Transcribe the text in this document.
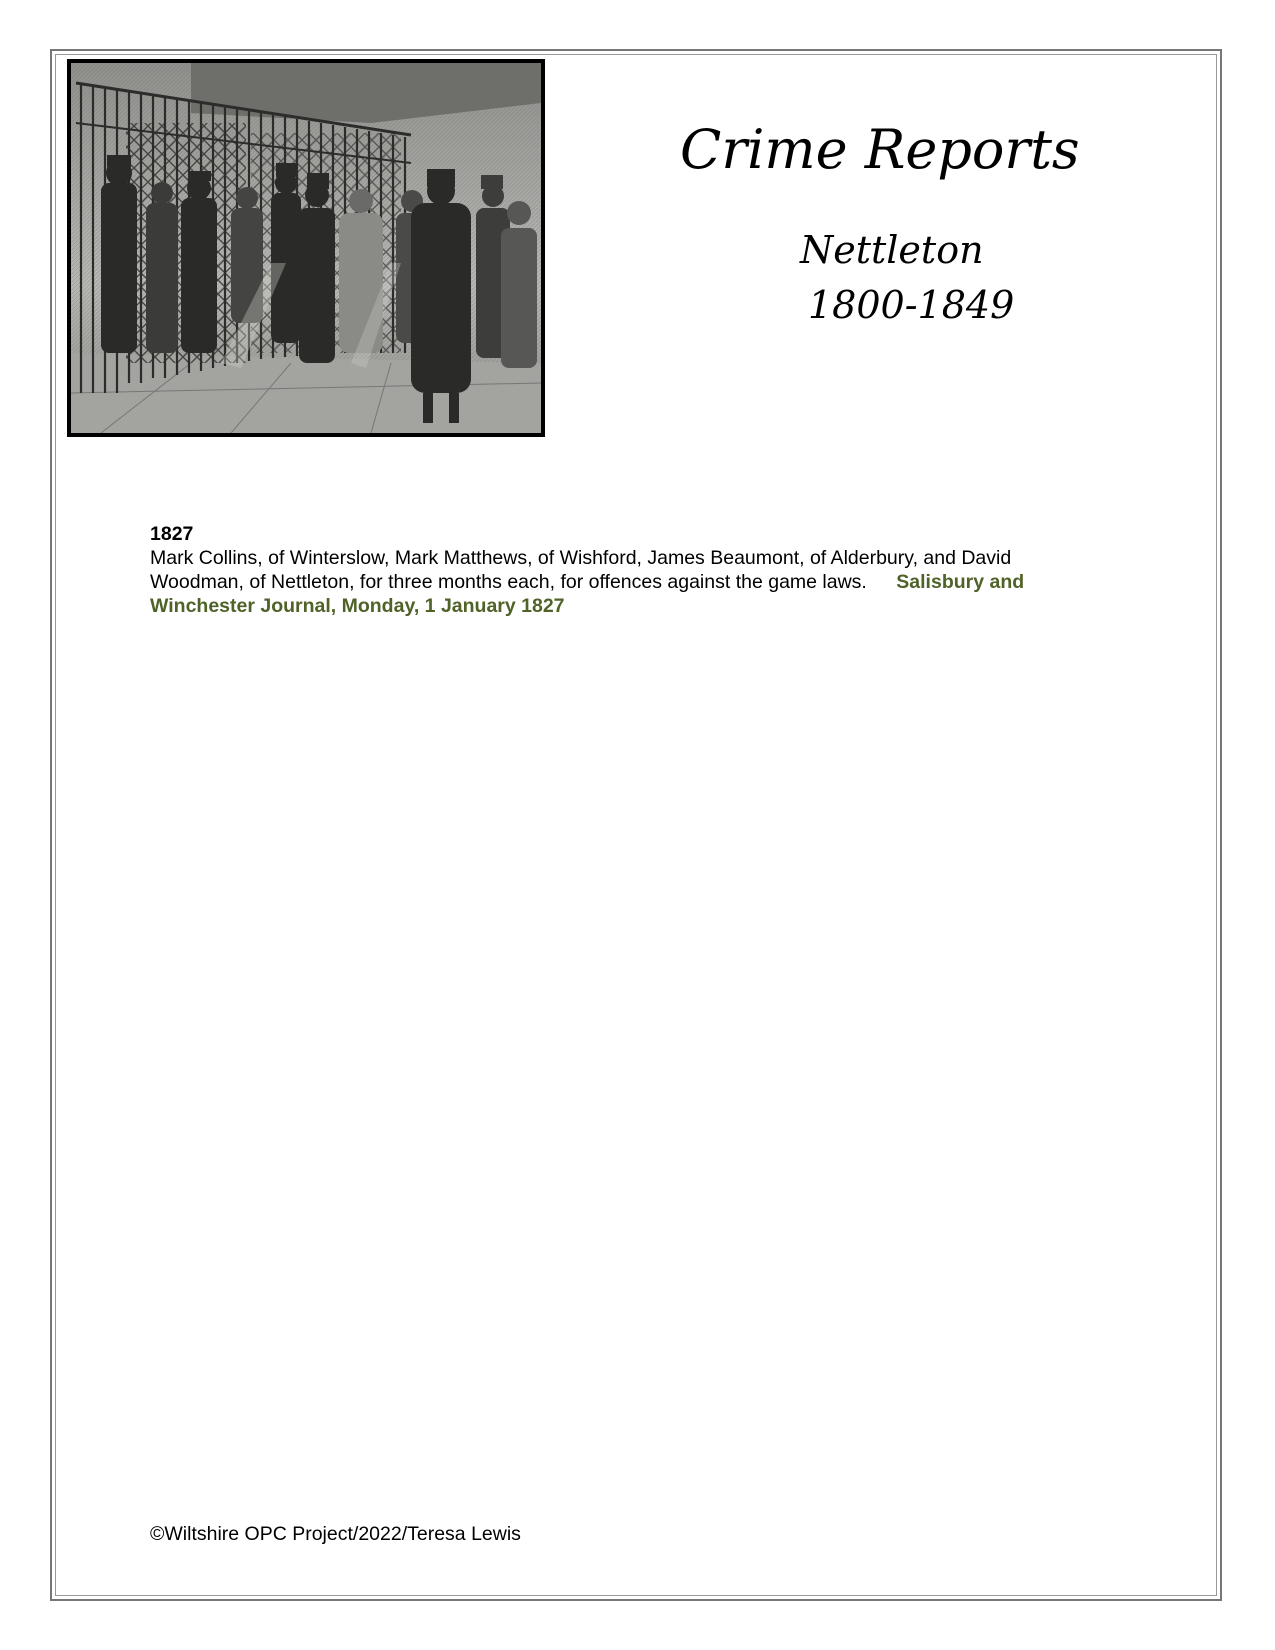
Crime Reports
Nettleton
1800-1849
1827
Mark Collins, of Winterslow, Mark Matthews, of Wishford, James Beaumont, of Alderbury, and David Woodman, of Nettleton, for three months each, for offences against the game laws. Salisbury and Winchester Journal, Monday, 1 January 1827
©Wiltshire OPC Project/2022/Teresa Lewis
